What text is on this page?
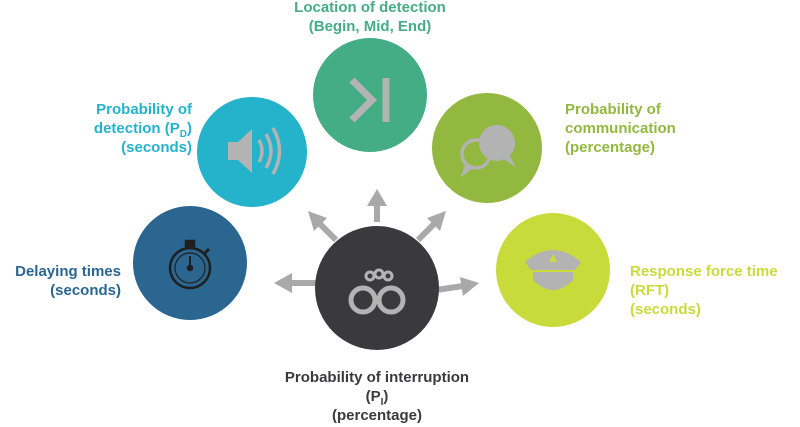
Location of detection
(Begin, Mid, End)
Probability of
detection $(P_D)$
(seconds)
Probability of
communication
(percentage)
Delaying times
(seconds)
Response force time
(RFT)
(seconds)
Probability of interruption
$(P_I)$
(percentage)
